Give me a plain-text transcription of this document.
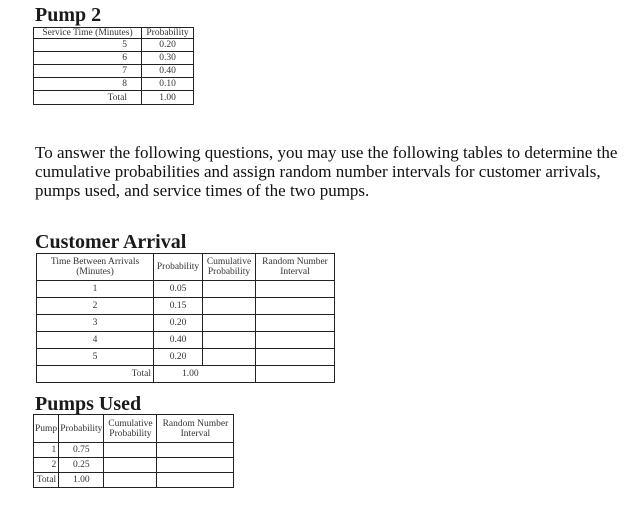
Pump 2
Service Time (Minutes)	Probability
5	0.20
6	0.30
7	0.40
8	0.10
Total	1.00
To answer the following questions, you may use the following tables to determine the cumulative probabilities and assign random number intervals for customer arrivals, pumps used, and service times of the two pumps.
Customer Arrival
Time Between Arrivals (Minutes)	Probability	Cumulative Probability	Random Number Interval
1	0.05		
2	0.15		
3	0.20		
4	0.40		
5	0.20		
Total	1.00		
Pumps Used
Pump	Probability	Cumulative Probability	Random Number Interval
1	0.75		
2	0.25		
Total	1.00		
